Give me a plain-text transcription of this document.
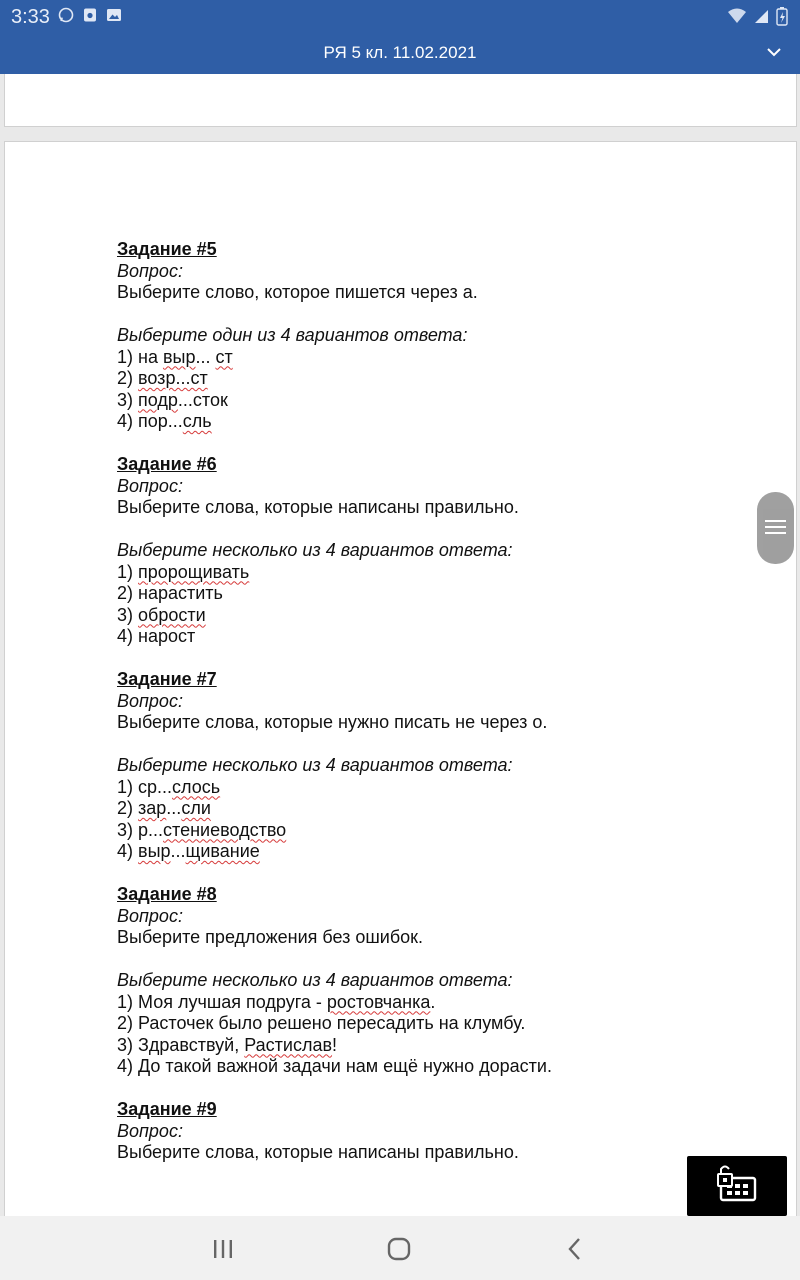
3:33
РЯ 5 кл. 11.02.2021
Задание #5
Вопрос:
Выберите слово, которое пишется через а.
Выберите один из 4 вариантов ответа:
1) на выр... ст
2) возр...ст
3) подр...сток
4) пор...сль
Задание #6
Вопрос:
Выберите слова, которые написаны правильно.
Выберите несколько из 4 вариантов ответа:
1) пророщивать
2) нарастить
3) обрости
4) нарост
Задание #7
Вопрос:
Выберите слова, которые нужно писать не через о.
Выберите несколько из 4 вариантов ответа:
1) ср...слось
2) зар...сли
3) р...стениеводство
4) выр...щивание
Задание #8
Вопрос:
Выберите предложения без ошибок.
Выберите несколько из 4 вариантов ответа:
1) Моя лучшая подруга - ростовчанка.
2) Расточек было решено пересадить на клумбу.
3) Здравствуй, Растислав!
4) До такой важной задачи нам ещё нужно дорасти.
Задание #9
Вопрос:
Выберите слова, которые написаны правильно.
